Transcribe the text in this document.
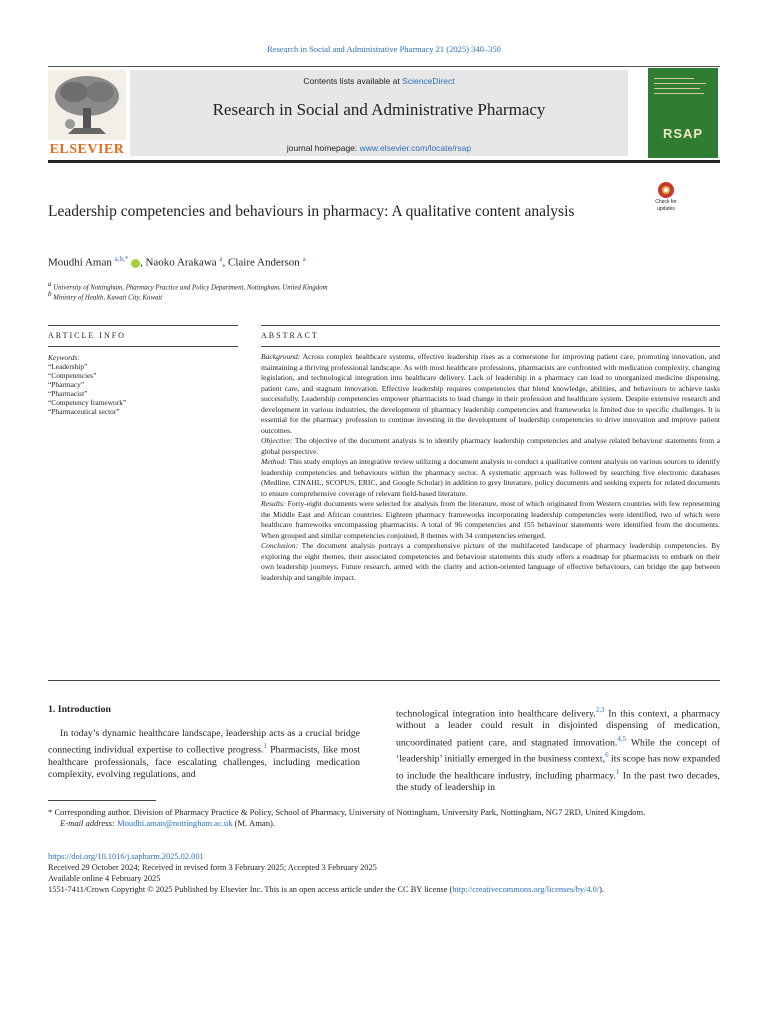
Research in Social and Administrative Pharmacy 21 (2025) 340–350
ELSEVIER
Contents lists available at ScienceDirect
Research in Social and Administrative Pharmacy
journal homepage: www.elsevier.com/locate/rsap
RSAP
Leadership competencies and behaviours in pharmacy: A qualitative content analysis
Check for
updates
Moudhi Aman $^{a,b,*}$ , Naoko Arakawa $^a$, Claire Anderson $^a$
$^a$ University of Nottingham, Pharmacy Practice and Policy Department, Nottingham, United Kingdom
$^b$ Ministry of Health, Kuwait City, Kuwait
ARTICLE INFO	ABSTRACT
Keywords:
“Leadership”
“Competencies”
“Pharmacy”
“Pharmacist”
“Competency framework”
“Pharmaceutical sector”

Background: Across complex healthcare systems, effective leadership rises as a cornerstone for improving patient care, promoting innovation, and maintaining a thriving professional landscape. As with most healthcare professions, pharmacists are confronted with medication complexity, changing legislation, and technological integration into healthcare delivery. Lack of leadership in a pharmacy can lead to unorganized medicine dispensing, patient care, and stagnant innovation. Effective leadership requires competencies that blend knowledge, abilities, and behaviours to achieve tasks successfully. Leadership competencies empower pharmacists to lead change in their profession and healthcare system. Despite extensive research and development in various industries, the development of pharmacy leadership competencies and frameworks is limited due to specific challenges. It is essential for the pharmacy profession to continue investing in the development of leadership competencies to drive innovation and improve patient outcomes.

Objective: The objective of the document analysis is to identify pharmacy leadership competencies and analyse related behaviour statements from a global perspective.

Method: This study employs an integrative review utilizing a document analysis to conduct a qualitative content analysis on various sources to identify leadership competencies and behaviours within the pharmacy sector. A systematic approach was followed by searching five electronic databases (Medline, CINAHL, SCOPUS, ERIC, and Google Scholar) in addition to grey literature, policy documents and seeking experts for related documents to ensure comprehensive coverage of relevant field-based literature.

Results: Forty-eight documents were selected for analysis from the literature, most of which originated from Western countries with few representing the Middle East and African countries. Eighteen pharmacy frameworks incorporating leadership competencies were identified, two of which were healthcare frameworks encompassing pharmacists. A total of 96 competencies and 155 behaviour statements were identified from the documents. When grouped and similar competencies conjoined, 8 themes with 34 competencies emerged.

Conclusion: The document analysis portrays a comprehensive picture of the multifaceted landscape of pharmacy leadership competencies. By exploring the eight themes, their associated competencies and behaviour statements this study offers a roadmap for pharmacists to embark on their own leadership journeys. Future research, armed with the clarity and action-oriented language of effective behaviours, can bridge the gap between leadership and tangible impact.

1. Introduction

In today’s dynamic healthcare landscape, leadership acts as a crucial bridge connecting individual expertise to collective progress.$^1$ Pharmacists, like most healthcare professionals, face escalating challenges, including medication complexity, evolving regulations, and

technological integration into healthcare delivery.$^{2,3}$ In this context, a pharmacy without a leader could result in disjointed dispensing of medication, uncoordinated patient care, and stagnated innovation.$^{4,5}$ While the concept of ‘leadership’ initially emerged in the business context,$^6$ its scope has now expanded to include the healthcare industry, including pharmacy.$^1$ In the past two decades, the study of leadership in

* Corresponding author. Division of Pharmacy Practice & Policy, School of Pharmacy, University of Nottingham, University Park, Nottingham, NG7 2RD, United Kingdom.
E-mail address: Moudhi.aman@nottingham.ac.uk (M. Aman).
https://doi.org/10.1016/j.sapharm.2025.02.001
Received 29 October 2024; Received in revised form 3 February 2025; Accepted 3 February 2025
Available online 4 February 2025
1551-7411/Crown Copyright © 2025 Published by Elsevier Inc. This is an open access article under the CC BY license (http://creativecommons.org/licenses/by/4.0/).
